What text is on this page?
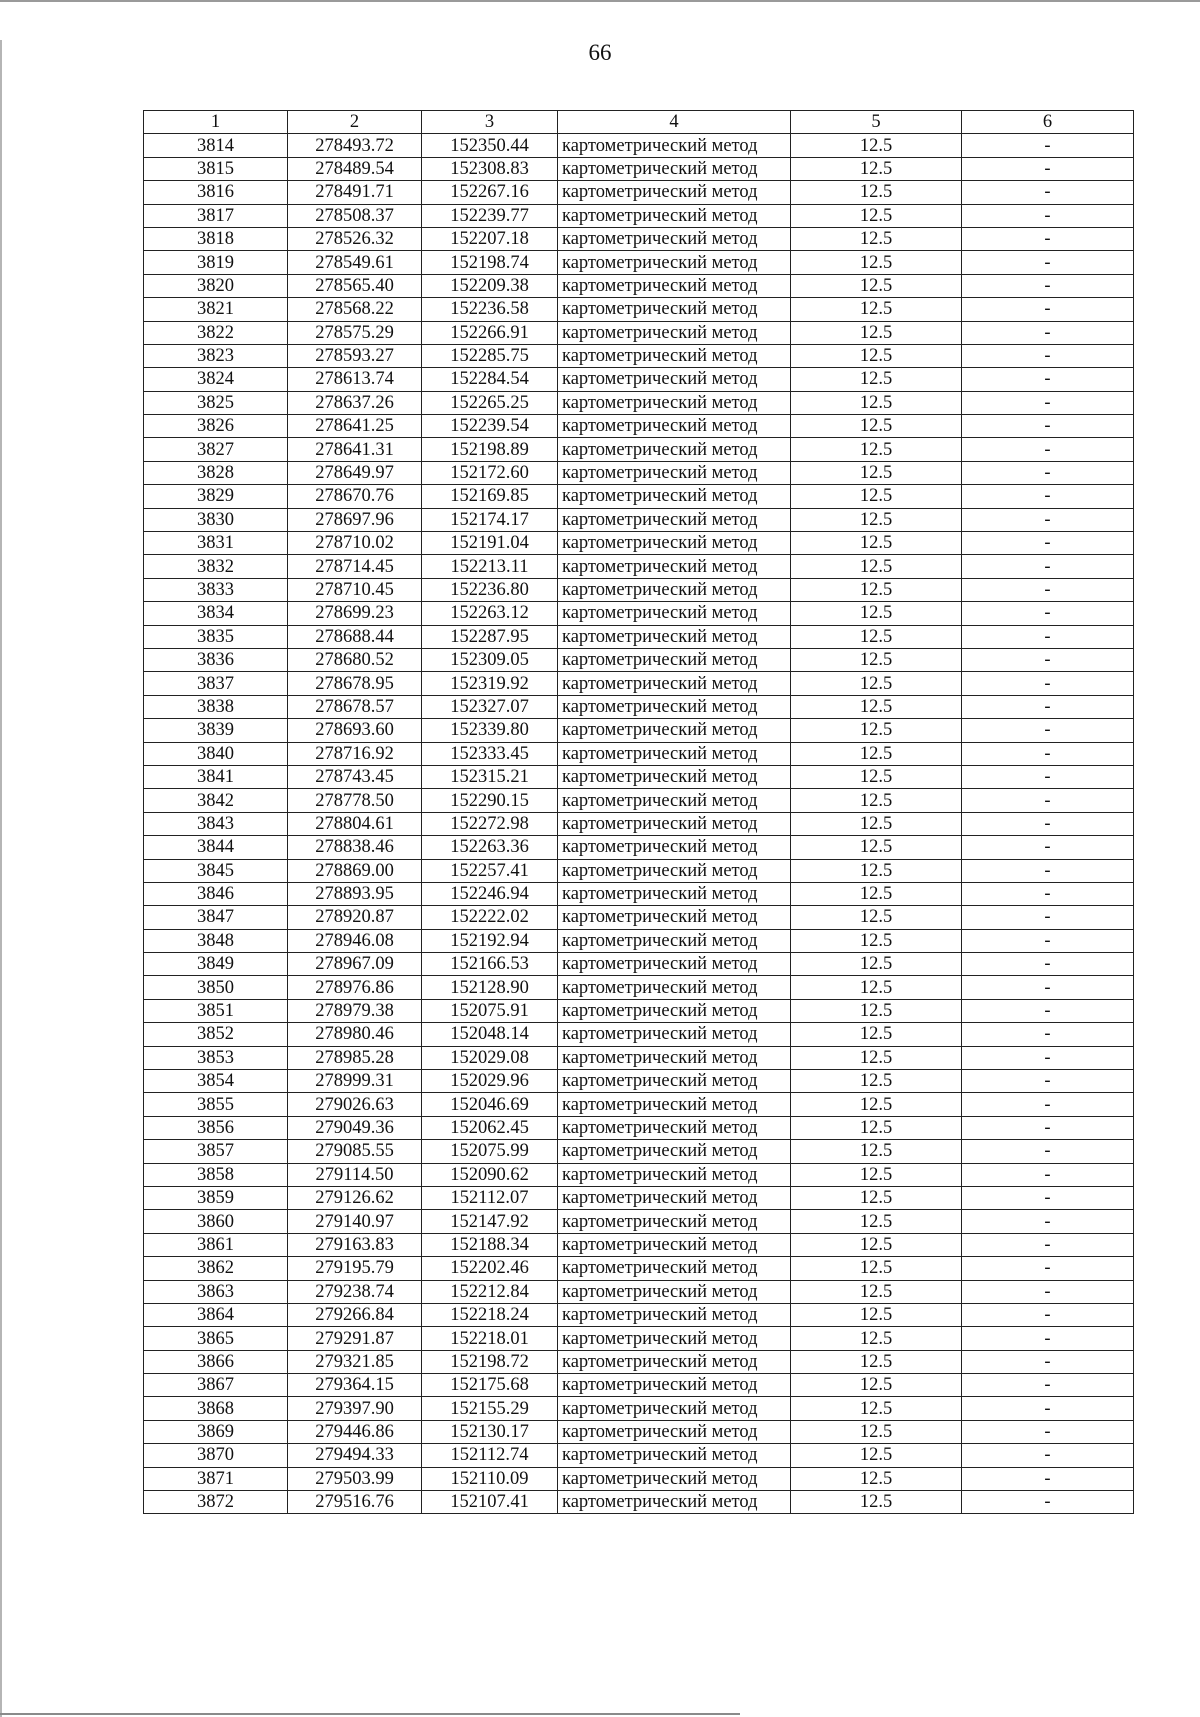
66
1	2	3	4	5	6
3814	278493.72	152350.44	картометрический метод	12.5	-
3815	278489.54	152308.83	картометрический метод	12.5	-
3816	278491.71	152267.16	картометрический метод	12.5	-
3817	278508.37	152239.77	картометрический метод	12.5	-
3818	278526.32	152207.18	картометрический метод	12.5	-
3819	278549.61	152198.74	картометрический метод	12.5	-
3820	278565.40	152209.38	картометрический метод	12.5	-
3821	278568.22	152236.58	картометрический метод	12.5	-
3822	278575.29	152266.91	картометрический метод	12.5	-
3823	278593.27	152285.75	картометрический метод	12.5	-
3824	278613.74	152284.54	картометрический метод	12.5	-
3825	278637.26	152265.25	картометрический метод	12.5	-
3826	278641.25	152239.54	картометрический метод	12.5	-
3827	278641.31	152198.89	картометрический метод	12.5	-
3828	278649.97	152172.60	картометрический метод	12.5	-
3829	278670.76	152169.85	картометрический метод	12.5	-
3830	278697.96	152174.17	картометрический метод	12.5	-
3831	278710.02	152191.04	картометрический метод	12.5	-
3832	278714.45	152213.11	картометрический метод	12.5	-
3833	278710.45	152236.80	картометрический метод	12.5	-
3834	278699.23	152263.12	картометрический метод	12.5	-
3835	278688.44	152287.95	картометрический метод	12.5	-
3836	278680.52	152309.05	картометрический метод	12.5	-
3837	278678.95	152319.92	картометрический метод	12.5	-
3838	278678.57	152327.07	картометрический метод	12.5	-
3839	278693.60	152339.80	картометрический метод	12.5	-
3840	278716.92	152333.45	картометрический метод	12.5	-
3841	278743.45	152315.21	картометрический метод	12.5	-
3842	278778.50	152290.15	картометрический метод	12.5	-
3843	278804.61	152272.98	картометрический метод	12.5	-
3844	278838.46	152263.36	картометрический метод	12.5	-
3845	278869.00	152257.41	картометрический метод	12.5	-
3846	278893.95	152246.94	картометрический метод	12.5	-
3847	278920.87	152222.02	картометрический метод	12.5	-
3848	278946.08	152192.94	картометрический метод	12.5	-
3849	278967.09	152166.53	картометрический метод	12.5	-
3850	278976.86	152128.90	картометрический метод	12.5	-
3851	278979.38	152075.91	картометрический метод	12.5	-
3852	278980.46	152048.14	картометрический метод	12.5	-
3853	278985.28	152029.08	картометрический метод	12.5	-
3854	278999.31	152029.96	картометрический метод	12.5	-
3855	279026.63	152046.69	картометрический метод	12.5	-
3856	279049.36	152062.45	картометрический метод	12.5	-
3857	279085.55	152075.99	картометрический метод	12.5	-
3858	279114.50	152090.62	картометрический метод	12.5	-
3859	279126.62	152112.07	картометрический метод	12.5	-
3860	279140.97	152147.92	картометрический метод	12.5	-
3861	279163.83	152188.34	картометрический метод	12.5	-
3862	279195.79	152202.46	картометрический метод	12.5	-
3863	279238.74	152212.84	картометрический метод	12.5	-
3864	279266.84	152218.24	картометрический метод	12.5	-
3865	279291.87	152218.01	картометрический метод	12.5	-
3866	279321.85	152198.72	картометрический метод	12.5	-
3867	279364.15	152175.68	картометрический метод	12.5	-
3868	279397.90	152155.29	картометрический метод	12.5	-
3869	279446.86	152130.17	картометрический метод	12.5	-
3870	279494.33	152112.74	картометрический метод	12.5	-
3871	279503.99	152110.09	картометрический метод	12.5	-
3872	279516.76	152107.41	картометрический метод	12.5	-
